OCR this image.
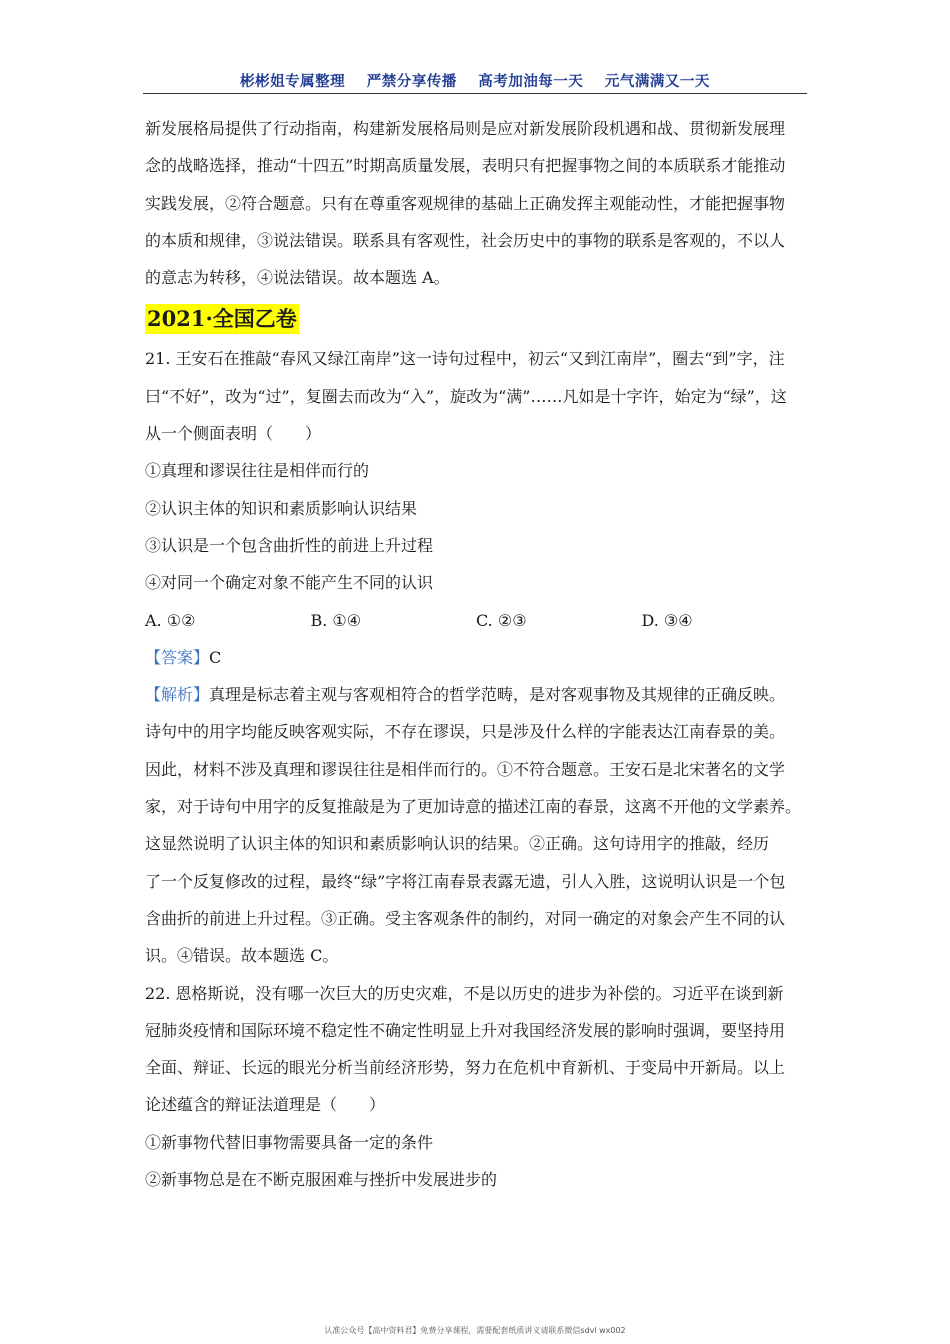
彬彬姐专属整理 严禁分享传播 高考加油每一天 元气满满又一天

新发展格局提供了行动指南，构建新发展格局则是应对新发展阶段机遇和战、贯彻新发展理

念的战略选择，推动“十四五”时期高质量发展，表明只有把握事物之间的本质联系才能推动

实践发展，②符合题意。只有在尊重客观规律的基础上正确发挥主观能动性，才能把握事物

的本质和规律，③说法错误。联系具有客观性，社会历史中的事物的联系是客观的，不以人

的意志为转移，④说法错误。故本题选 A。

2021·全国乙卷

21. 王安石在推敲“春风又绿江南岸”这一诗句过程中，初云“又到江南岸”，圈去“到”字，注

曰“不好”，改为“过”，复圈去而改为“入”，旋改为“满”……凡如是十字许，始定为“绿”，这

从一个侧面表明（　　）

①真理和谬误往往是相伴而行的

②认识主体的知识和素质影响认识结果

③认识是一个包含曲折性的前进上升过程

④对同一个确定对象不能产生不同的认识

A. ①②	B. ①④	C. ②③	D. ③④

【答案】C

【解析】真理是标志着主观与客观相符合的哲学范畴，是对客观事物及其规律的正确反映。

诗句中的用字均能反映客观实际，不存在谬误，只是涉及什么样的字能表达江南春景的美。

因此，材料不涉及真理和谬误往往是相伴而行的。①不符合题意。王安石是北宋著名的文学

家，对于诗句中用字的反复推敲是为了更加诗意的描述江南的春景，这离不开他的文学素养。

这显然说明了认识主体的知识和素质影响认识的结果。②正确。这句诗用字的推敲，经历

了一个反复修改的过程，最终“绿”字将江南春景表露无遗，引人入胜，这说明认识是一个包

含曲折的前进上升过程。③正确。受主客观条件的制约，对同一确定的对象会产生不同的认

识。④错误。故本题选 C。

22. 恩格斯说，没有哪一次巨大的历史灾难，不是以历史的进步为补偿的。习近平在谈到新

冠肺炎疫情和国际环境不稳定性不确定性明显上升对我国经济发展的影响时强调，要坚持用

全面、辩证、长远的眼光分析当前经济形势，努力在危机中育新机、于变局中开新局。以上

论述蕴含的辩证法道理是（　　）

①新事物代替旧事物需要具备一定的条件

②新事物总是在不断克服困难与挫折中发展进步的

认准公众号【高中资料君】免费分享课程，需要配套纸质讲义请联系微信sdvl wx002
